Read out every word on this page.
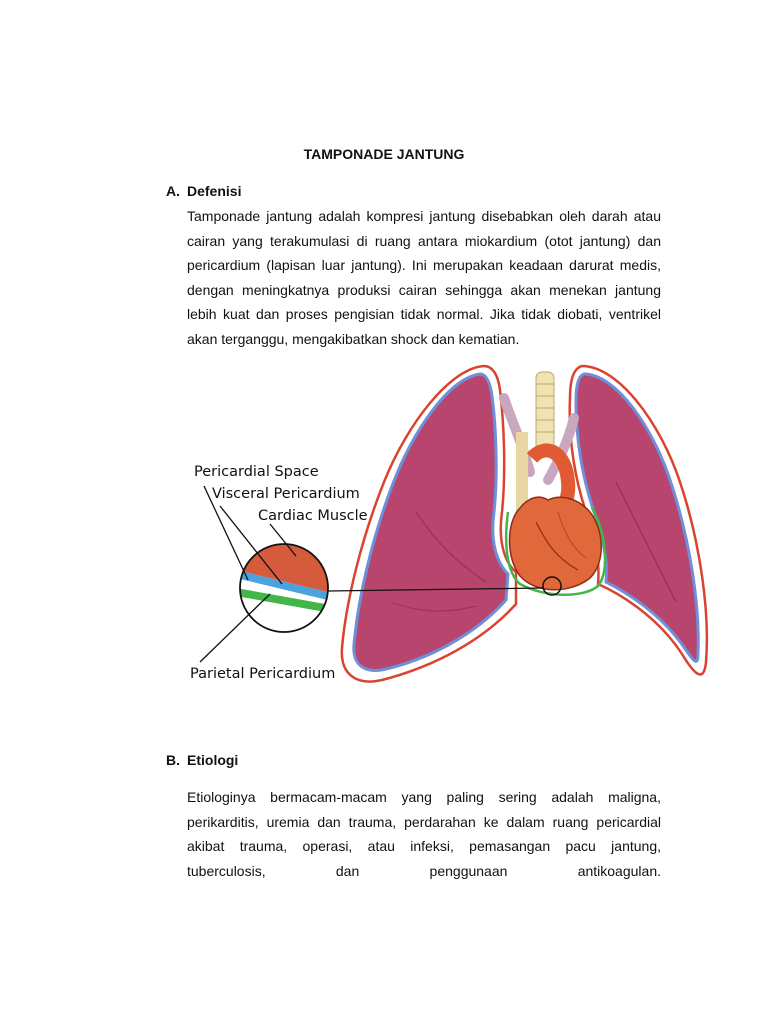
TAMPONADE JANTUNG
A. Defenisi

Tamponade jantung adalah kompresi jantung disebabkan oleh darah atau cairan yang terakumulasi di ruang antara miokardium (otot jantung) dan pericardium (lapisan luar jantung). Ini merupakan keadaan darurat medis, dengan meningkatnya produksi cairan sehingga akan menekan jantung lebih kuat dan proses pengisian tidak normal. Jika tidak diobati, ventrikel akan terganggu, mengakibatkan shock dan kematian.

Pericardial Space
Visceral Pericardium
Cardiac Muscle
Parietal Pericardium
B. Etiologi

Etiologinya bermacam-macam yang paling sering adalah maligna, perikarditis, uremia dan trauma, perdarahan ke dalam ruang pericardial akibat trauma, operasi, atau infeksi, pemasangan pacu jantung, tuberculosis, dan penggunaan antikoagulan.
